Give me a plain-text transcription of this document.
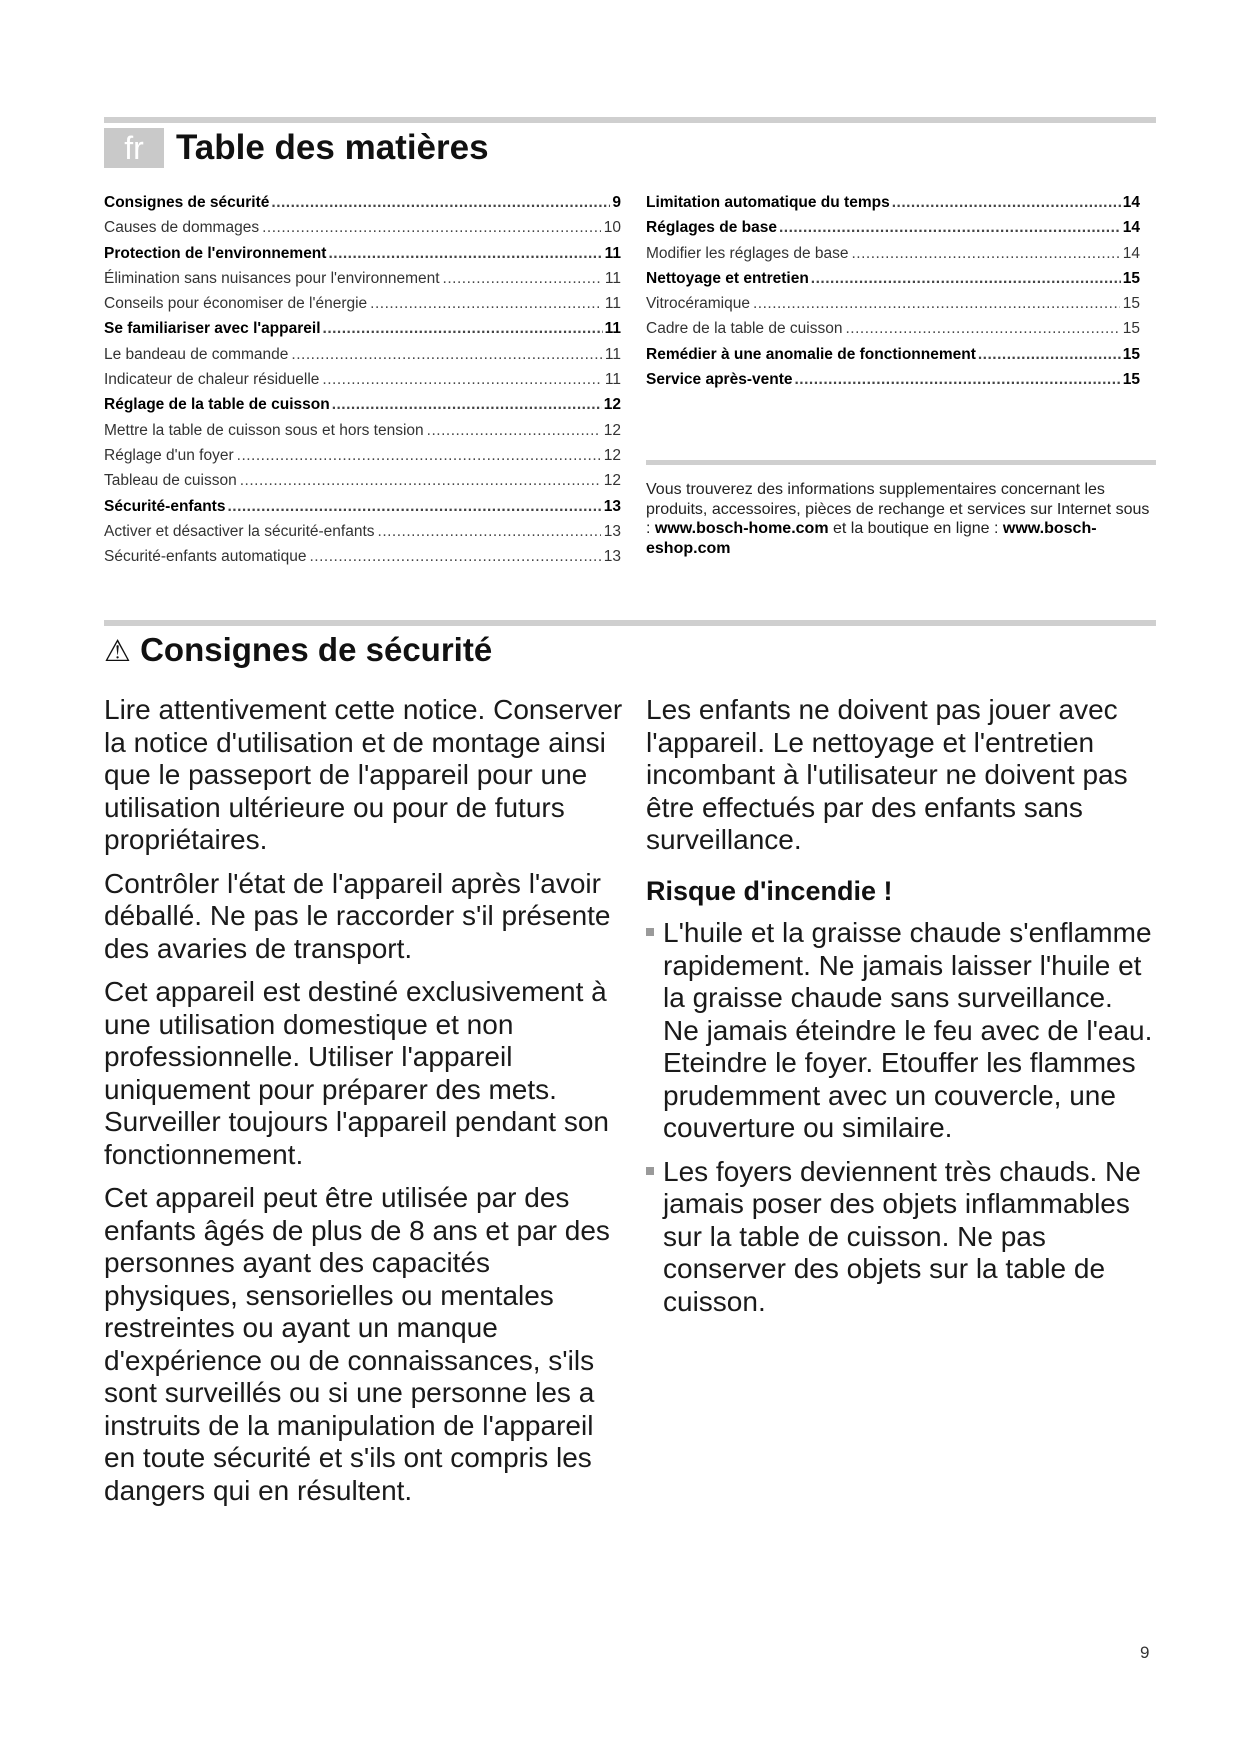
fr Table des matières
Consignes de sécurité .....	9
Causes de dommages .....	10
Protection de l'environnement .....	11
Élimination sans nuisances pour l'environnement .....	11
Conseils pour économiser de l'énergie .....	11
Se familiariser avec l'appareil .....	11
Le bandeau de commande .....	11
Indicateur de chaleur résiduelle .....	11
Réglage de la table de cuisson .....	12
Mettre la table de cuisson sous et hors tension .....	12
Réglage d'un foyer .....	12
Tableau de cuisson .....	12
Sécurité-enfants .....	13
Activer et désactiver la sécurité-enfants .....	13
Sécurité-enfants automatique .....	13
Limitation automatique du temps .....	14
Réglages de base .....	14
Modifier les réglages de base .....	14
Nettoyage et entretien .....	15
Vitrocéramique .....	15
Cadre de la table de cuisson .....	15
Remédier à une anomalie de fonctionnement .....	15
Service après-vente .....	15
Vous trouverez des informations supplementaires concernant les produits, accessoires, pièces de rechange et services sur Internet sous : www.bosch-home.com et la boutique en ligne : www.bosch-eshop.com
⚠ Consignes de sécurité

Lire attentivement cette notice. Conserver la notice d'utilisation et de montage ainsi que le passeport de l'appareil pour une utilisation ultérieure ou pour de futurs propriétaires.

Contrôler l'état de l'appareil après l'avoir déballé. Ne pas le raccorder s'il présente des avaries de transport.

Cet appareil est destiné exclusivement à une utilisation domestique et non professionnelle. Utiliser l'appareil uniquement pour préparer des mets. Surveiller toujours l'appareil pendant son fonctionnement.

Cet appareil peut être utilisée par des enfants âgés de plus de 8 ans et par des personnes ayant des capacités physiques, sensorielles ou mentales restreintes ou ayant un manque d'expérience ou de connaissances, s'ils sont surveillés ou si une personne les a instruits de la manipulation de l'appareil en toute sécurité et s'ils ont compris les dangers qui en résultent.

Les enfants ne doivent pas jouer avec l'appareil. Le nettoyage et l'entretien incombant à l'utilisateur ne doivent pas être effectués par des enfants sans surveillance.

Risque d'incendie !
L'huile et la graisse chaude s'enflamme rapidement. Ne jamais laisser l'huile et la graisse chaude sans surveillance. Ne jamais éteindre le feu avec de l'eau. Eteindre le foyer. Etouffer les flammes prudemment avec un couvercle, une couverture ou similaire.
Les foyers deviennent très chauds. Ne jamais poser des objets inflammables sur la table de cuisson. Ne pas conserver des objets sur la table de cuisson.
9
